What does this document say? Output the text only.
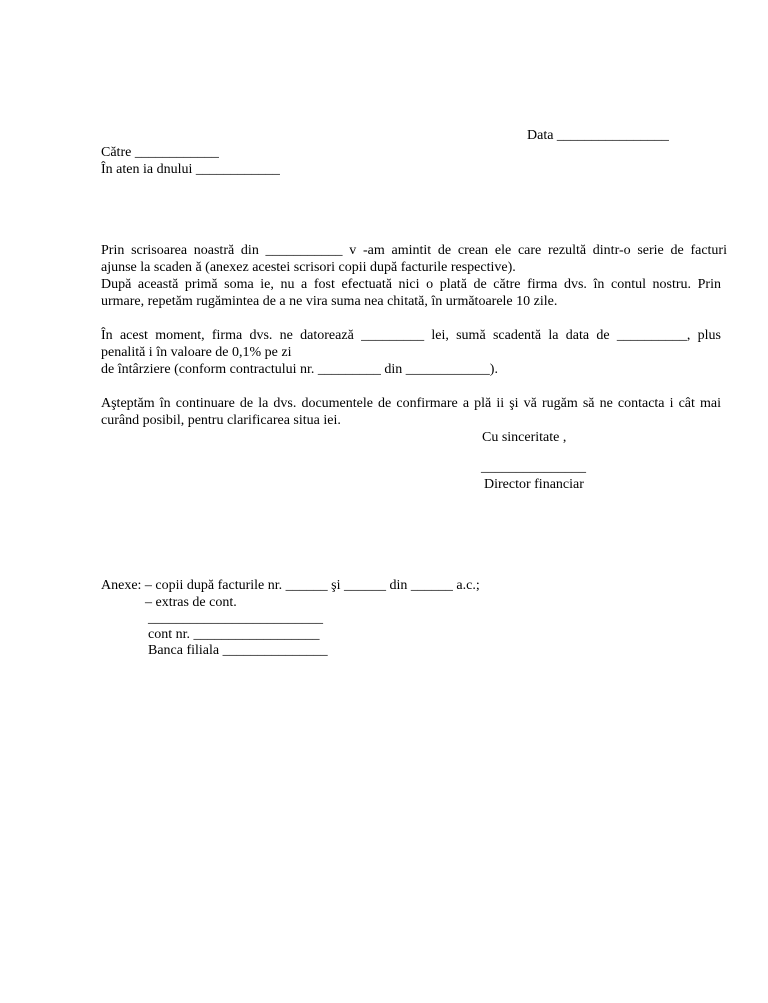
Data ________________
Către ____________
În aten ia dnului ____________
Prin scrisoarea noastră din ___________ v -am amintit de crean ele care rezultă dintr-o serie de facturi
ajunse la scaden ă (anexez acestei scrisori copii după facturile respective).
După această primă soma ie, nu a fost efectuată nici o plată de către firma dvs. în contul nostru. Prin
urmare, repetăm rugămintea de a ne vira suma nea chitată, în următoarele 10 zile.
În acest moment, firma dvs. ne datorează _________ lei, sumă scadentă la data de __________, plus
penalită i în valoare de 0,1% pe zi
de întârziere (conform contractului nr. _________ din ____________).
Aşteptăm în continuare de la dvs. documentele de confirmare a plă ii şi vă rugăm să ne contacta i cât mai
curând posibil, pentru clarificarea situa iei.
Cu sinceritate ,
_______________
Director financiar
Anexe: – copii după facturile nr. ______ şi ______ din ______ a.c.;
– extras de cont.
_________________________
cont nr. __________________
Banca filiala _______________
